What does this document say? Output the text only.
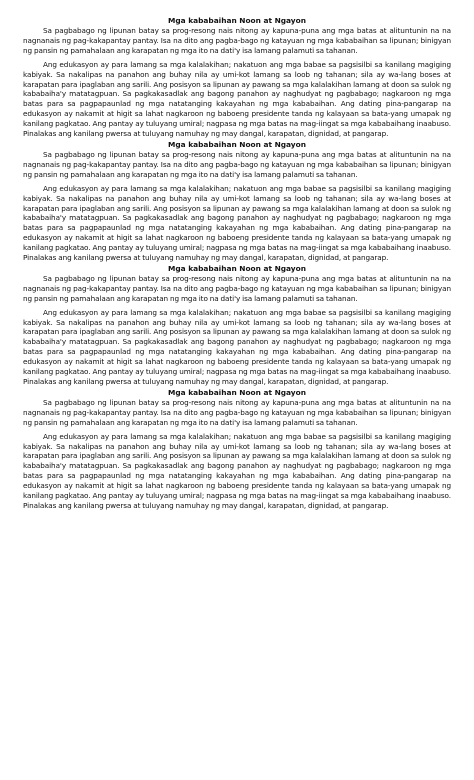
Mga kababaihan Noon at Ngayon

Sa pagbabago ng lipunan batay sa prog-resong nais nitong ay kapuna-puna ang mga batas at alituntunin na na nagnanais ng pag-kakapantay pantay. Isa na dito ang pagba-bago ng katayuan ng mga kababaihan sa lipunan; binigyan ng pansin ng pamahalaan ang karapatan ng mga ito na dati'y isa lamang palamuti sa tahanan.

Ang edukasyon ay para lamang sa mga kalalakihan; nakatuon ang mga babae sa pagsisilbi sa kanilang magiging kabiyak. Sa nakalipas na panahon ang buhay nila ay umi-kot lamang sa loob ng tahanan; sila ay wa-lang boses at karapatan para ipaglaban ang sarili. Ang posisyon sa lipunan ay pawang sa mga kalalakihan lamang at doon sa sulok ng kababaiha'y matatagpuan. Sa pagkakasadlak ang bagong panahon ay naghudyat ng pagbabago; nagkaroon ng mga batas para sa pagpapaunlad ng mga natatanging kakayahan ng mga kababaihan. Ang dating pina-pangarap na edukasyon ay nakamit at higit sa lahat nagkaroon ng baboeng presidente tanda ng kalayaan sa bata-yang umapak ng kanilang pagkatao. Ang pantay ay tuluyang umiral; nagpasa ng mga batas na mag-iingat sa mga kababaihang inaabuso. Pinalakas ang kanilang pwersa at tuluyang namuhay ng may dangal, karapatan, dignidad, at pangarap.

Mga kababaihan Noon at Ngayon

Sa pagbabago ng lipunan batay sa prog-resong nais nitong ay kapuna-puna ang mga batas at alituntunin na na nagnanais ng pag-kakapantay pantay. Isa na dito ang pagba-bago ng katayuan ng mga kababaihan sa lipunan; binigyan ng pansin ng pamahalaan ang karapatan ng mga ito na dati'y isa lamang palamuti sa tahanan.

Ang edukasyon ay para lamang sa mga kalalakihan; nakatuon ang mga babae sa pagsisilbi sa kanilang magiging kabiyak. Sa nakalipas na panahon ang buhay nila ay umi-kot lamang sa loob ng tahanan; sila ay wa-lang boses at karapatan para ipaglaban ang sarili. Ang posisyon sa lipunan ay pawang sa mga kalalakihan lamang at doon sa sulok ng kababaiha'y matatagpuan. Sa pagkakasadlak ang bagong panahon ay naghudyat ng pagbabago; nagkaroon ng mga batas para sa pagpapaunlad ng mga natatanging kakayahan ng mga kababaihan. Ang dating pina-pangarap na edukasyon ay nakamit at higit sa lahat nagkaroon ng baboeng presidente tanda ng kalayaan sa bata-yang umapak ng kanilang pagkatao. Ang pantay ay tuluyang umiral; nagpasa ng mga batas na mag-iingat sa mga kababaihang inaabuso. Pinalakas ang kanilang pwersa at tuluyang namuhay ng may dangal, karapatan, dignidad, at pangarap.

Mga kababaihan Noon at Ngayon

Sa pagbabago ng lipunan batay sa prog-resong nais nitong ay kapuna-puna ang mga batas at alituntunin na na nagnanais ng pag-kakapantay pantay. Isa na dito ang pagba-bago ng katayuan ng mga kababaihan sa lipunan; binigyan ng pansin ng pamahalaan ang karapatan ng mga ito na dati'y isa lamang palamuti sa tahanan.

Ang edukasyon ay para lamang sa mga kalalakihan; nakatuon ang mga babae sa pagsisilbi sa kanilang magiging kabiyak. Sa nakalipas na panahon ang buhay nila ay umi-kot lamang sa loob ng tahanan; sila ay wa-lang boses at karapatan para ipaglaban ang sarili. Ang posisyon sa lipunan ay pawang sa mga kalalakihan lamang at doon sa sulok ng kababaiha'y matatagpuan. Sa pagkakasadlak ang bagong panahon ay naghudyat ng pagbabago; nagkaroon ng mga batas para sa pagpapaunlad ng mga natatanging kakayahan ng mga kababaihan. Ang dating pina-pangarap na edukasyon ay nakamit at higit sa lahat nagkaroon ng baboeng presidente tanda ng kalayaan sa bata-yang umapak ng kanilang pagkatao. Ang pantay ay tuluyang umiral; nagpasa ng mga batas na mag-iingat sa mga kababaihang inaabuso. Pinalakas ang kanilang pwersa at tuluyang namuhay ng may dangal, karapatan, dignidad, at pangarap.

Mga kababaihan Noon at Ngayon

Sa pagbabago ng lipunan batay sa prog-resong nais nitong ay kapuna-puna ang mga batas at alituntunin na na nagnanais ng pag-kakapantay pantay. Isa na dito ang pagba-bago ng katayuan ng mga kababaihan sa lipunan; binigyan ng pansin ng pamahalaan ang karapatan ng mga ito na dati'y isa lamang palamuti sa tahanan.

Ang edukasyon ay para lamang sa mga kalalakihan; nakatuon ang mga babae sa pagsisilbi sa kanilang magiging kabiyak. Sa nakalipas na panahon ang buhay nila ay umi-kot lamang sa loob ng tahanan; sila ay wa-lang boses at karapatan para ipaglaban ang sarili. Ang posisyon sa lipunan ay pawang sa mga kalalakihan lamang at doon sa sulok ng kababaiha'y matatagpuan. Sa pagkakasadlak ang bagong panahon ay naghudyat ng pagbabago; nagkaroon ng mga batas para sa pagpapaunlad ng mga natatanging kakayahan ng mga kababaihan. Ang dating pina-pangarap na edukasyon ay nakamit at higit sa lahat nagkaroon ng baboeng presidente tanda ng kalayaan sa bata-yang umapak ng kanilang pagkatao. Ang pantay ay tuluyang umiral; nagpasa ng mga batas na mag-iingat sa mga kababaihang inaabuso. Pinalakas ang kanilang pwersa at tuluyang namuhay ng may dangal, karapatan, dignidad, at pangarap.
